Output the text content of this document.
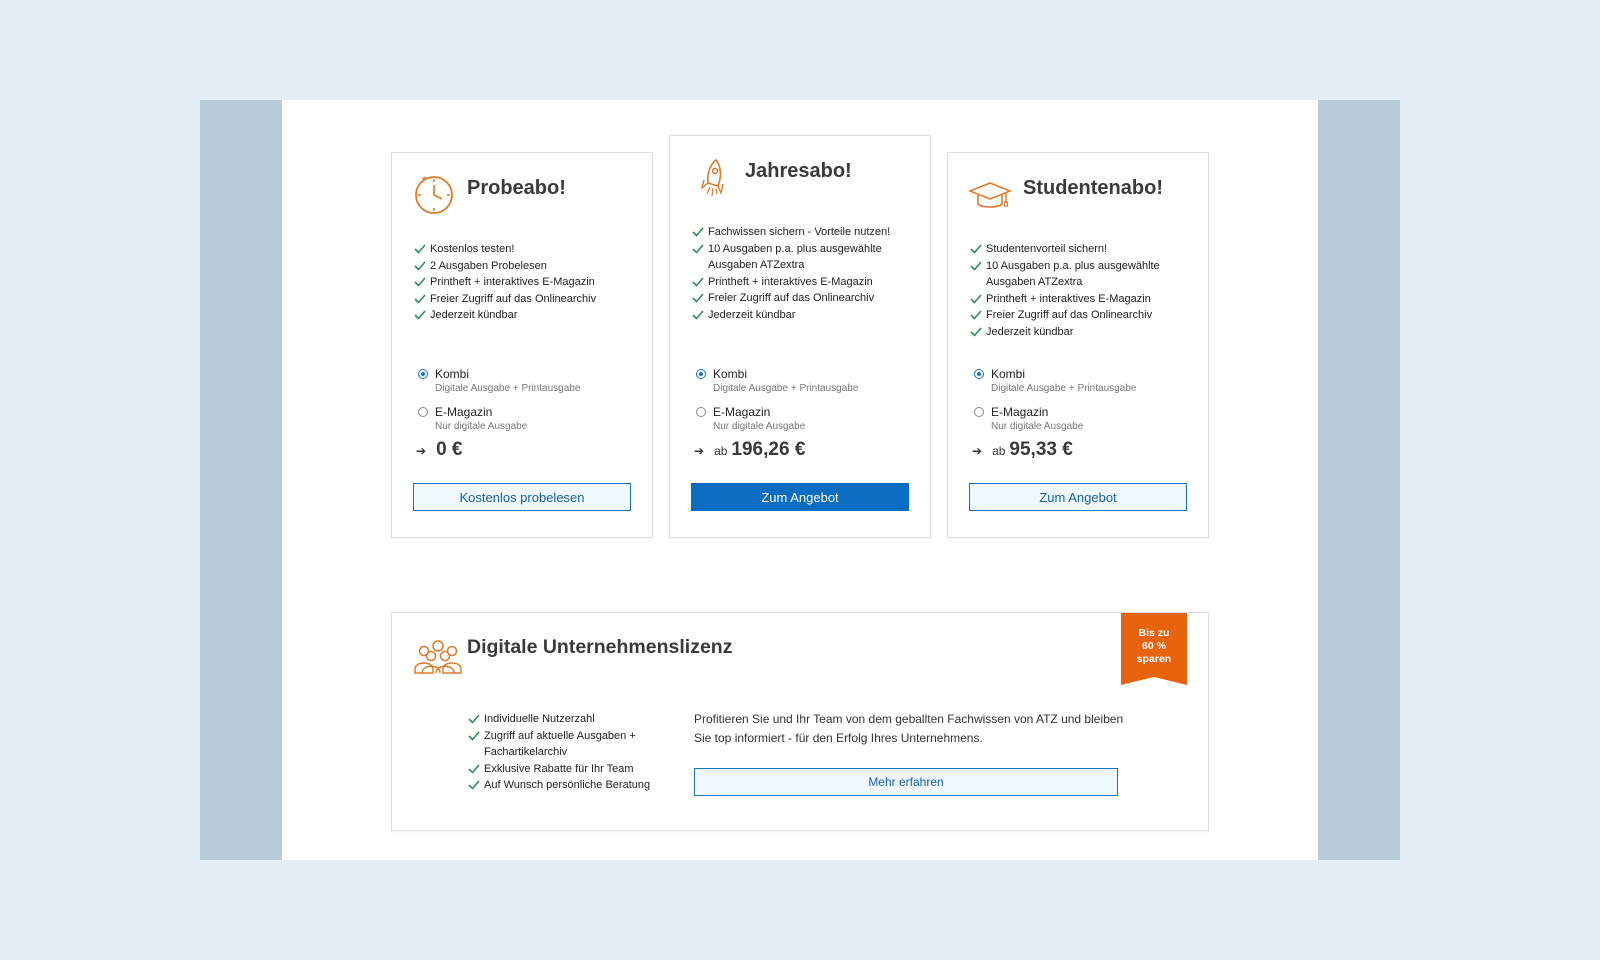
Probeabo!
Kostenlos testen!
2 Ausgaben Probelesen
Printheft + interaktives E-Magazin
Freier Zugriff auf das Onlinearchiv
Jederzeit kündbar
Kombi
Digitale Ausgabe + Printausgabe
E-Magazin
Nur digitale Ausgabe
➔ 0 €
Kostenlos probelesen
Jahresabo!
Fachwissen sichern - Vorteile nutzen!
10 Ausgaben p.a. plus ausgewählte Ausgaben ATZextra
Printheft + interaktives E-Magazin
Freier Zugriff auf das Onlinearchiv
Jederzeit kündbar
Kombi
Digitale Ausgabe + Printausgabe
E-Magazin
Nur digitale Ausgabe
➔ ab 196,26 €
Zum Angebot
Studentenabo!
Studentenvorteil sichern!
10 Ausgaben p.a. plus ausgewählte Ausgaben ATZextra
Printheft + interaktives E-Magazin
Freier Zugriff auf das Onlinearchiv
Jederzeit kündbar
Kombi
Digitale Ausgabe + Printausgabe
E-Magazin
Nur digitale Ausgabe
➔ ab 95,33 €
Zum Angebot
Digitale Unternehmenslizenz
Individuelle Nutzerzahl
Zugriff auf aktuelle Ausgaben + Fachartikelarchiv
Exklusive Rabatte für Ihr Team
Auf Wunsch persönliche Beratung
Profitieren Sie und Ihr Team von dem geballten Fachwissen von ATZ und bleiben Sie top informiert - für den Erfolg Ihres Unternehmens.
Mehr erfahren
Bis zu
60 %
sparen
